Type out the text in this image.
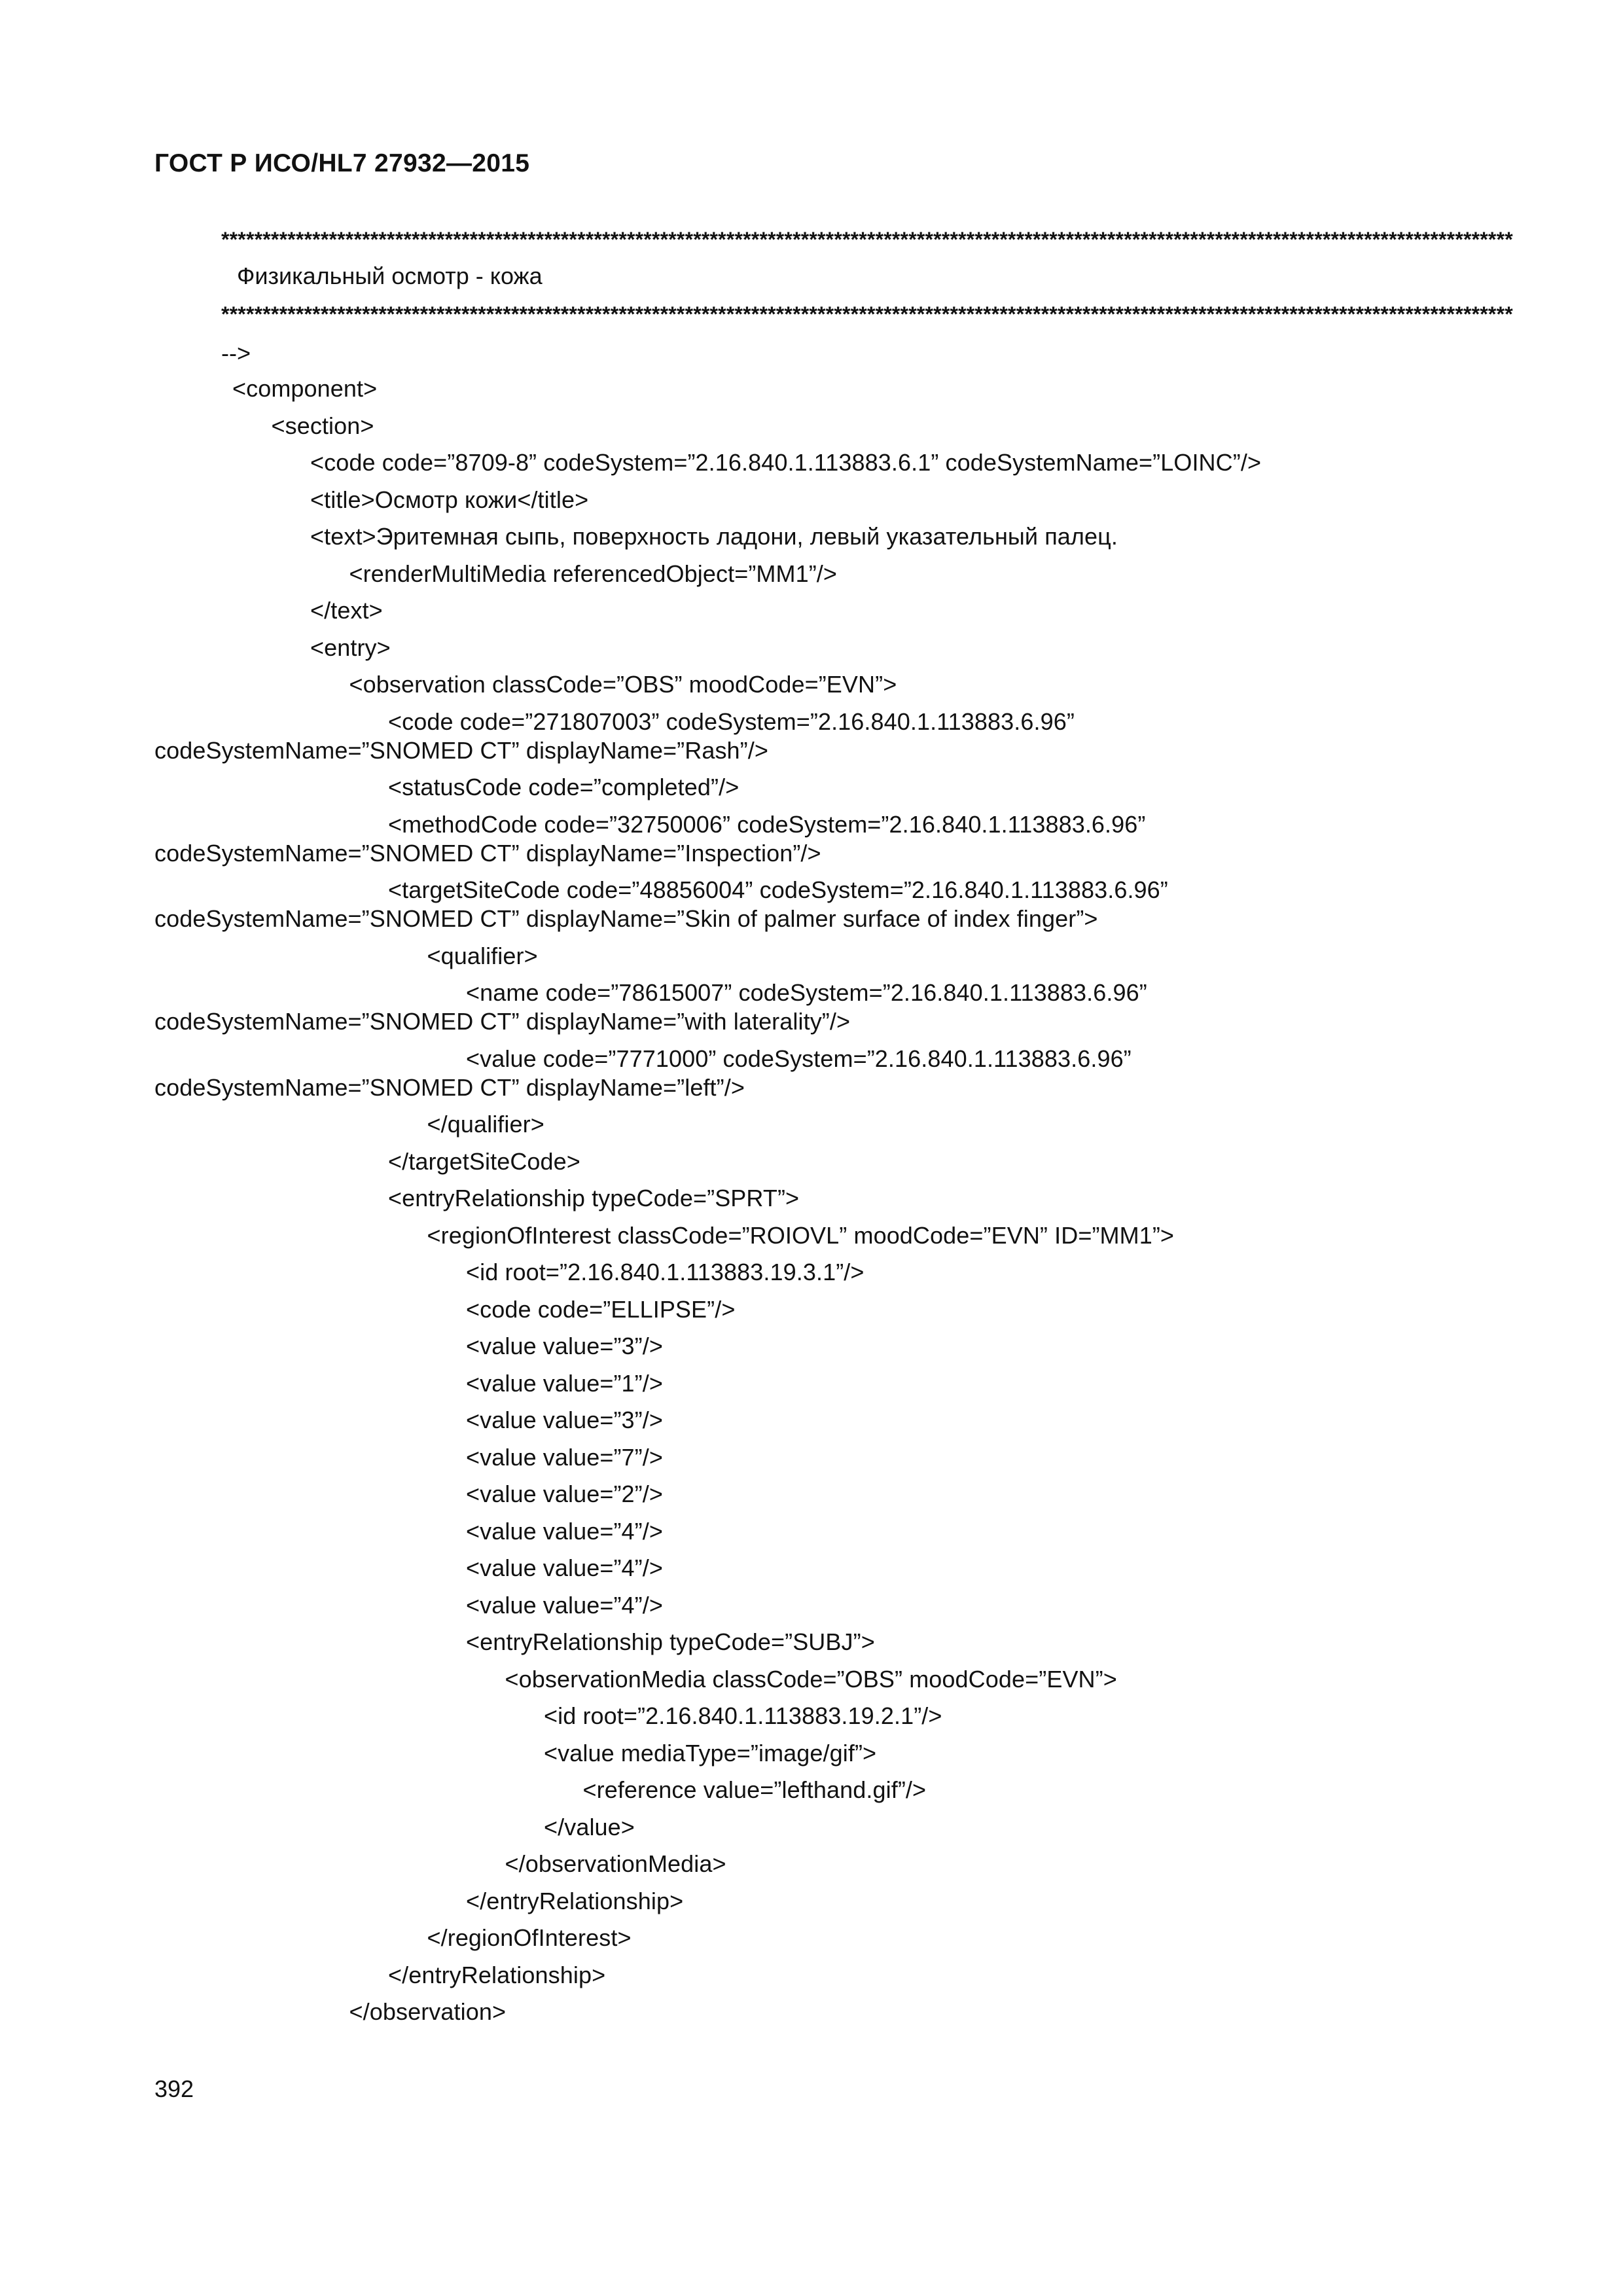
ГОСТ Р ИСО/HL7 27932—2015
************************************************************************************************************************************************************
Физикальный осмотр - кожа
************************************************************************************************************************************************************
-->
<component>
<section>
<code code=”8709-8” codeSystem=”2.16.840.1.113883.6.1” codeSystemName=”LOINC”/>
<title>Осмотр кожи</title>
<text>Эритемная сыпь, поверхность ладони, левый указательный палец.
<renderMultiMedia referencedObject=”MM1”/>
</text>
<entry>
<observation classCode=”OBS” moodCode=”EVN”>
<code code=”271807003” codeSystem=”2.16.840.1.113883.6.96”
codeSystemName=”SNOMED CT” displayName=”Rash”/>
<statusCode code=”completed”/>
<methodCode code=”32750006” codeSystem=”2.16.840.1.113883.6.96”
codeSystemName=”SNOMED CT” displayName=”Inspection”/>
<targetSiteCode code=”48856004” codeSystem=”2.16.840.1.113883.6.96”
codeSystemName=”SNOMED CT” displayName=”Skin of palmer surface of index finger”>
<qualifier>
<name code=”78615007” codeSystem=”2.16.840.1.113883.6.96”
codeSystemName=”SNOMED CT” displayName=”with laterality”/>
<value code=”7771000” codeSystem=”2.16.840.1.113883.6.96”
codeSystemName=”SNOMED CT” displayName=”left”/>
</qualifier>
</targetSiteCode>
<entryRelationship typeCode=”SPRT”>
<regionOfInterest classCode=”ROIOVL” moodCode=”EVN” ID=”MM1”>
<id root=”2.16.840.1.113883.19.3.1”/>
<code code=”ELLIPSE”/>
<value value=”3”/>
<value value=”1”/>
<value value=”3”/>
<value value=”7”/>
<value value=”2”/>
<value value=”4”/>
<value value=”4”/>
<value value=”4”/>
<entryRelationship typeCode=”SUBJ”>
<observationMedia classCode=”OBS” moodCode=”EVN”>
<id root=”2.16.840.1.113883.19.2.1”/>
<value mediaType=”image/gif”>
<reference value=”lefthand.gif”/>
</value>
</observationMedia>
</entryRelationship>
</regionOfInterest>
</entryRelationship>
</observation>
392
